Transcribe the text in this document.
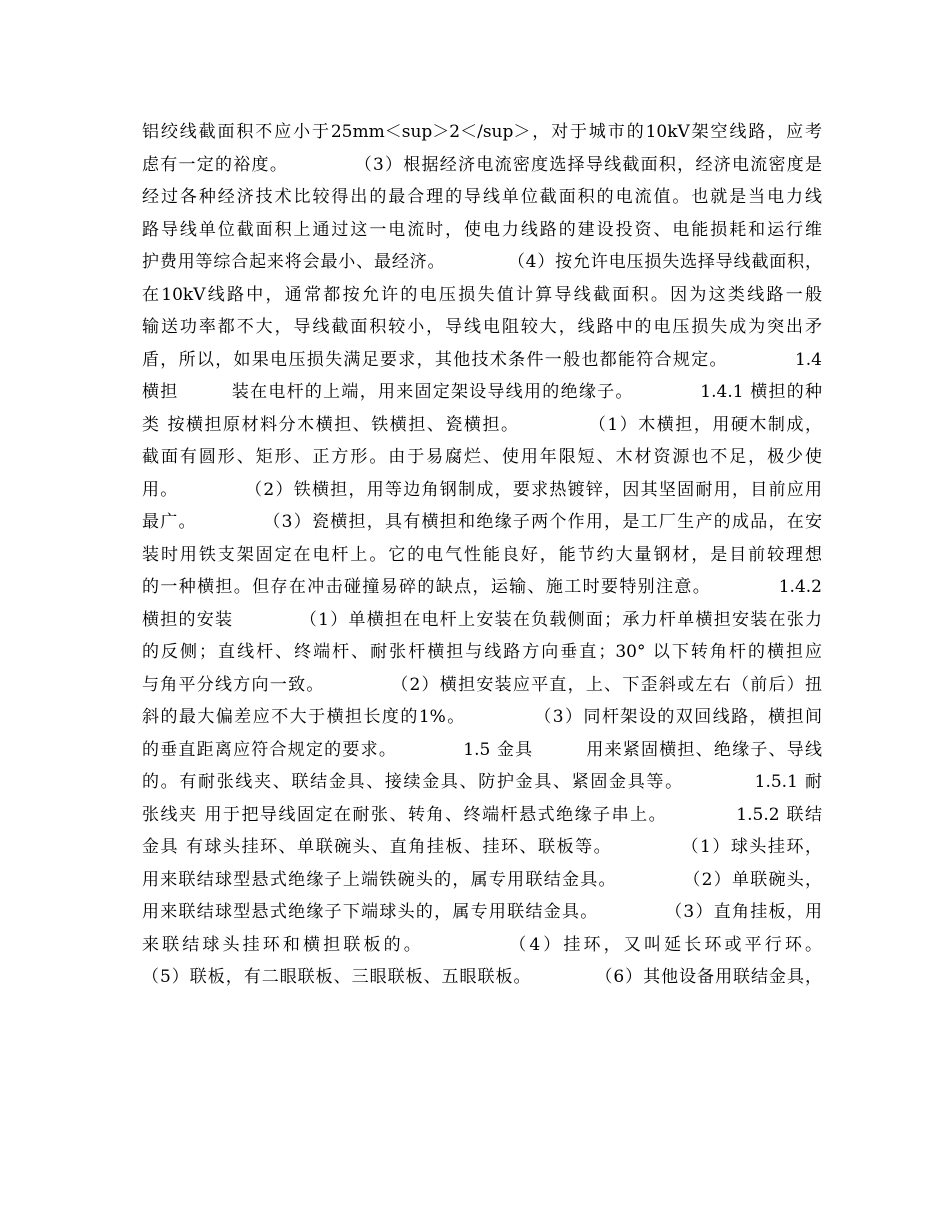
铝绞线截面积不应小于25mm＜sup＞2＜/sup＞，对于城市的10kV架空线路，应考
虑有一定的裕度。          （3）根据经济电流密度选择导线截面积，经济电流密度是
经过各种经济技术比较得出的最合理的导线单位截面积的电流值。也就是当电力线
路导线单位截面积上通过这一电流时，使电力线路的建设投资、电能损耗和运行维
护费用等综合起来将会最小、最经济。          （4）按允许电压损失选择导线截面积，
在10kV线路中，通常都按允许的电压损失值计算导线截面积。因为这类线路一般
输送功率都不大，导线截面积较小，导线电阻较大，线路中的电压损失成为突出矛
盾，所以，如果电压损失满足要求，其他技术条件一般也都能符合规定。          1.4
横担        装在电杆的上端，用来固定架设导线用的绝缘子。          1.4.1 横担的种
类 按横担原材料分木横担、铁横担、瓷横担。          （1）木横担，用硬木制成，
截面有圆形、矩形、正方形。由于易腐烂、使用年限短、木材资源也不足，极少使
用。          （2）铁横担，用等边角钢制成，要求热镀锌，因其坚固耐用，目前应用
最广。          （3）瓷横担，具有横担和绝缘子两个作用，是工厂生产的成品，在安
装时用铁支架固定在电杆上。它的电气性能良好，能节约大量钢材，是目前较理想
的一种横担。但存在冲击碰撞易碎的缺点，运输、施工时要特别注意。          1.4.2
横担的安装          （1）单横担在电杆上安装在负载侧面；承力杆单横担安装在张力
的反侧；直线杆、终端杆、耐张杆横担与线路方向垂直；30° 以下转角杆的横担应
与角平分线方向一致。          （2）横担安装应平直，上、下歪斜或左右（前后）扭
斜的最大偏差应不大于横担长度的1%。          （3）同杆架设的双回线路，横担间
的垂直距离应符合规定的要求。          1.5 金具        用来紧固横担、绝缘子、导线
的。有耐张线夹、联结金具、接续金具、防护金具、紧固金具等。          1.5.1 耐
张线夹 用于把导线固定在耐张、转角、终端杆悬式绝缘子串上。          1.5.2 联结
金具 有球头挂环、单联碗头、直角挂板、挂环、联板等。          （1）球头挂环，
用来联结球型悬式绝缘子上端铁碗头的，属专用联结金具。          （2）单联碗头，
用来联结球型悬式绝缘子下端球头的，属专用联结金具。          （3）直角挂板，用
来联结球头挂环和横担联板的。          （4）挂环，又叫延长环或平行环。
（5）联板，有二眼联板、三眼联板、五眼联板。          （6）其他设备用联结金具，
